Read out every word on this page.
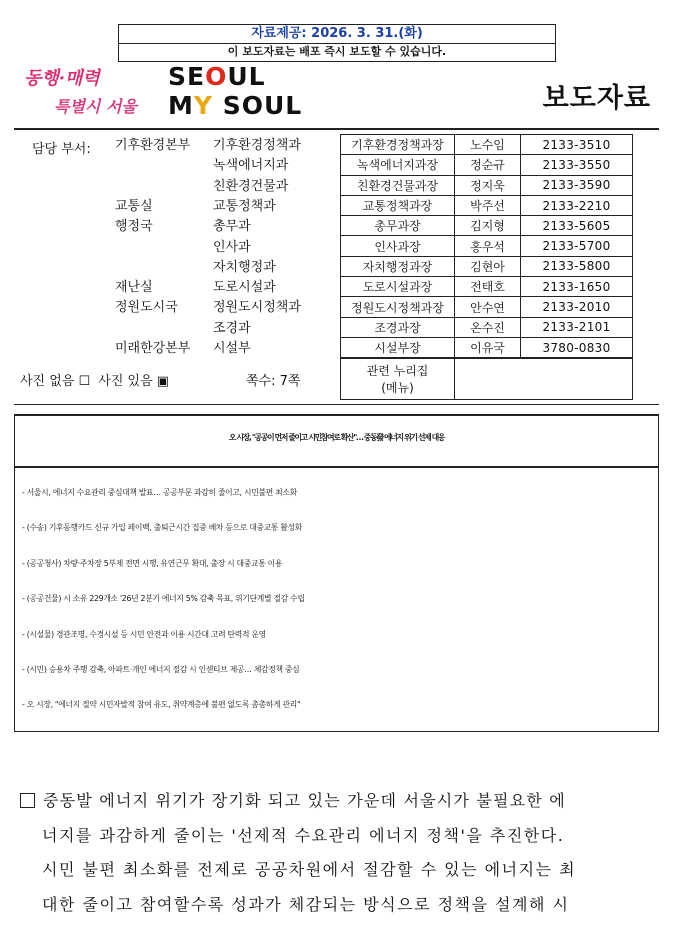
자료제공: 2026. 3. 31.(화)
이 보도자료는 배포 즉시 보도할 수 있습니다.
동행·매력
특별시 서울
SEOUL
MY SOUL	보도자료
담당 부서: 기후환경본부 기후환경정책과
녹색에너지과
친환경건물과
교통실	교통정책과
행정국	총무과
인사과
자치행정과
재난실	도로시설과
정원도시국	정원도시정책과
조경과
미래한강본부 시설부
기후환경정책과장	노수임	2133-3510
녹색에너지과장	정순규	2133-3550
친환경건물과장	정지욱	2133-3590
교통정책과장	박주선	2133-2210
총무과장	김지형	2133-5605
인사과장	홍우석	2133-5700
자치행정과장	김현아	2133-5800
도로시설과장	전태호	2133-1650
정원도시정책과장	안수연	2133-2010
조경과장	온수진	2133-2101
시설부장	이유국	3780-0830
관련 누리집
(메뉴)

사진 없음 ☐ 사진 있음 ▣	쪽수: 7쪽
오 시장, "공공이 먼저 줄이고 시민참여로 확산"… 중동發 에너지 위기 선제 대응
- 서울시, 에너지 수요관리 중심대책 발표… 공공부문 과감히 줄이고, 시민불편 최소화
- (수송) 기후동행카드 신규 가입 페이백, 출퇴근시간 집중 배차 등으로 대중교통 활성화
- (공공청사) 차량·주차장 5부제 전면 시행, 유연근무 확대, 출장 시 대중교통 이용
- (공공건물) 시 소유 229개소 '26년 2분기 에너지 5% 감축 목표, 위기단계별 절감 수립
- (시설물) 경관조명, 수경시설 등 시민 안전과 이용 시간대 고려 탄력적 운영
- (시민) 승용차 주행 감축, 아파트·개인 에너지 절감 시 인센티브 제공… 체감정책 중심
- 오 시장, "에너지 절약 시민자발적 참여 유도, 취약계층에 불편 없도록 촘촘하게 관리"
중동발 에너지 위기가 장기화 되고 있는 가운데 서울시가 불필요한 에
너지를 과감하게 줄이는 '선제적 수요관리 에너지 정책'을 추진한다.
시민 불편 최소화를 전제로 공공차원에서 절감할 수 있는 에너지는 최
대한 줄이고 참여할수록 성과가 체감되는 방식으로 정책을 설계해 시
